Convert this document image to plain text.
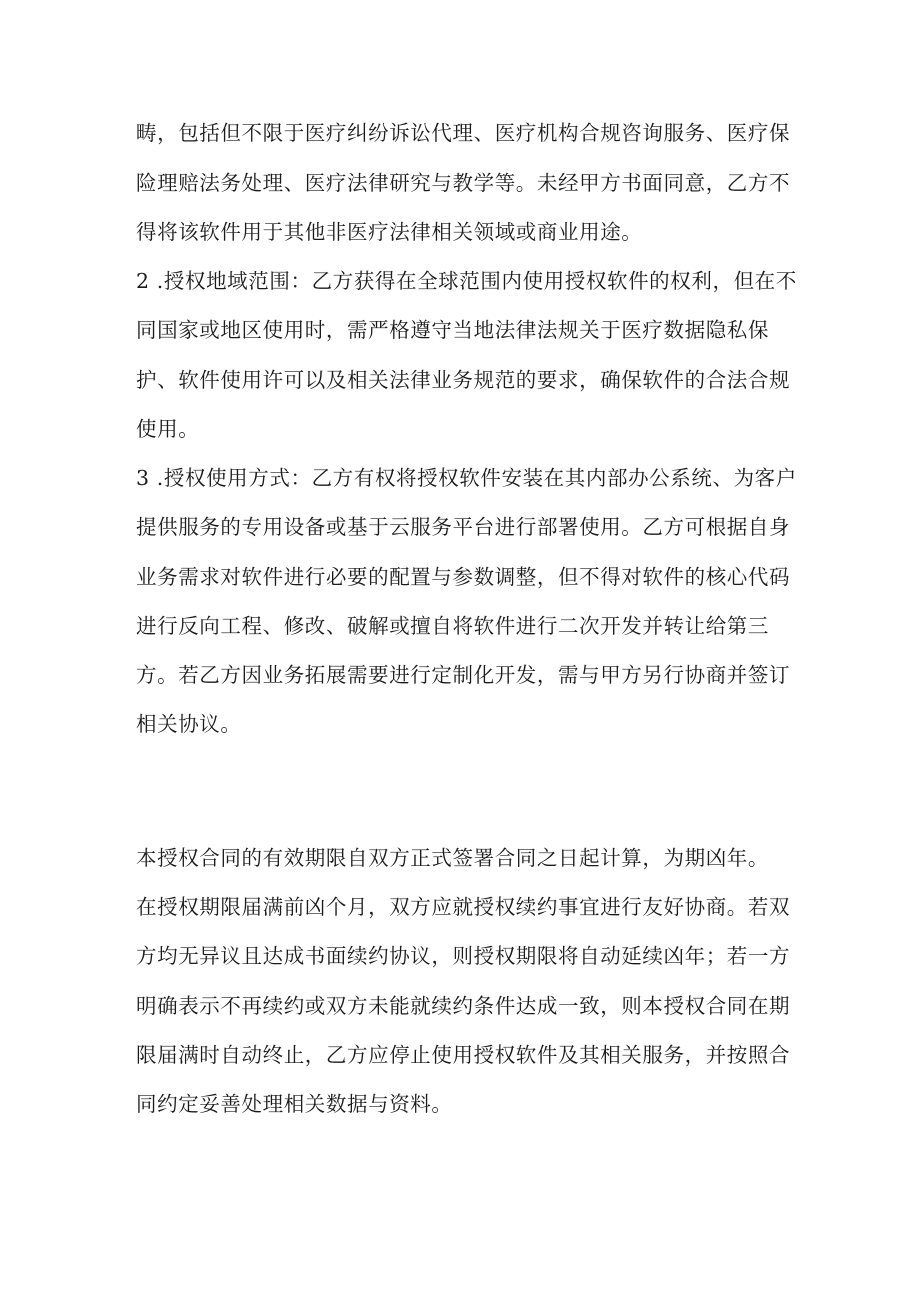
畴，包括但不限于医疗纠纷诉讼代理、医疗机构合规咨询服务、医疗保
险理赔法务处理、医疗法律研究与教学等。未经甲方书面同意，乙方不
得将该软件用于其他非医疗法律相关领域或商业用途。
2 .授权地域范围：乙方获得在全球范围内使用授权软件的权利，但在不
同国家或地区使用时，需严格遵守当地法律法规关于医疗数据隐私保
护、软件使用许可以及相关法律业务规范的要求，确保软件的合法合规
使用。
3 .授权使用方式：乙方有权将授权软件安装在其内部办公系统、为客户
提供服务的专用设备或基于云服务平台进行部署使用。乙方可根据自身
业务需求对软件进行必要的配置与参数调整，但不得对软件的核心代码
进行反向工程、修改、破解或擅自将软件进行二次开发并转让给第三
方。若乙方因业务拓展需要进行定制化开发，需与甲方另行协商并签订
相关协议。
本授权合同的有效期限自双方正式签署合同之日起计算，为期凶年。
在授权期限届满前凶个月，双方应就授权续约事宜进行友好协商。若双
方均无异议且达成书面续约协议，则授权期限将自动延续凶年；若一方
明确表示不再续约或双方未能就续约条件达成一致，则本授权合同在期
限届满时自动终止，乙方应停止使用授权软件及其相关服务，并按照合
同约定妥善处理相关数据与资料。
